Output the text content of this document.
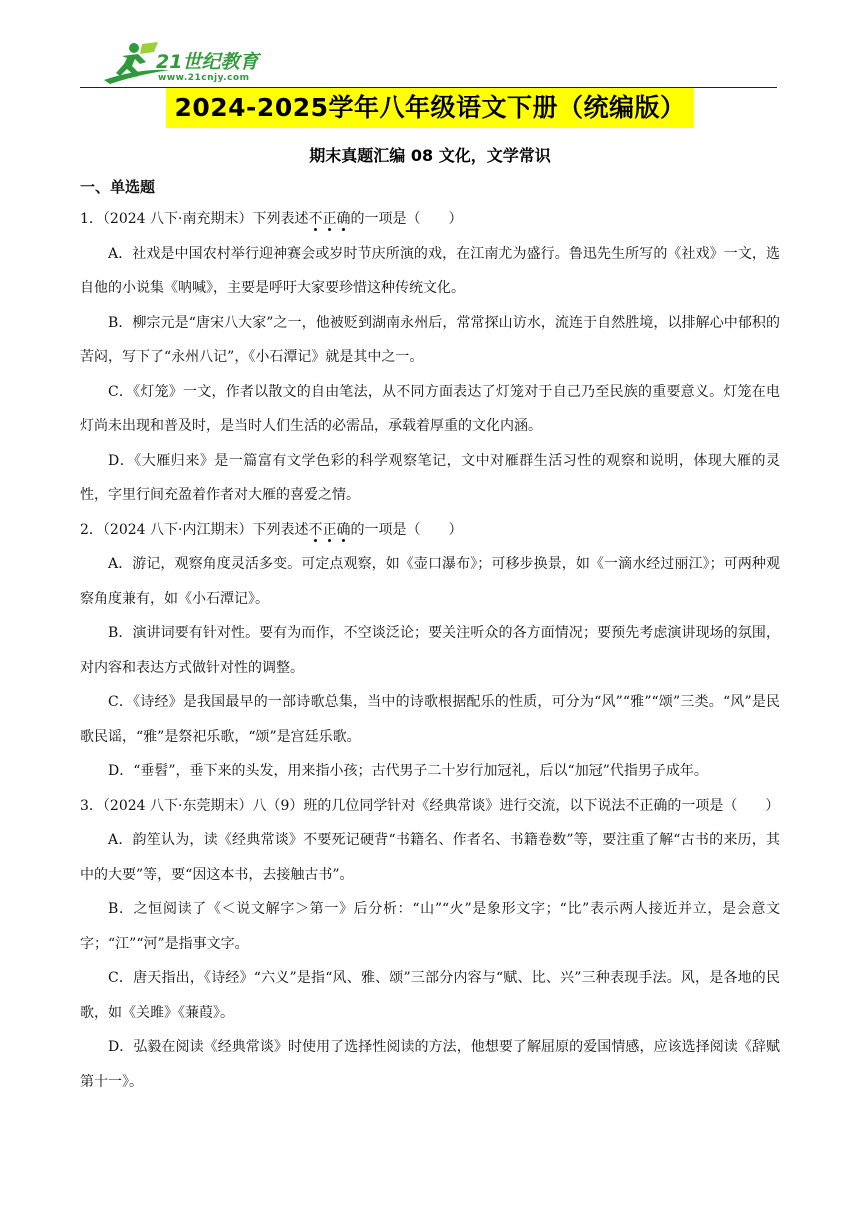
21世纪教育
www.21cnjy.com
2024-2025学年八年级语文下册（统编版）
期末真题汇编 08 文化，文学常识
一、单选题

1．（2024 八下·南充期末）下列表述不正确的一项是（　　）

A．社戏是中国农村举行迎神赛会或岁时节庆所演的戏，在江南尤为盛行。鲁迅先生所写的《社戏》一文，选自他的小说集《呐喊》，主要是呼吁大家要珍惜这种传统文化。

B．柳宗元是“唐宋八大家”之一，他被贬到湖南永州后，常常探山访水，流连于自然胜境，以排解心中郁积的苦闷，写下了“永州八记”，《小石潭记》就是其中之一。

C．《灯笼》一文，作者以散文的自由笔法，从不同方面表达了灯笼对于自己乃至民族的重要意义。灯笼在电灯尚未出现和普及时，是当时人们生活的必需品，承载着厚重的文化内涵。

D．《大雁归来》是一篇富有文学色彩的科学观察笔记，文中对雁群生活习性的观察和说明，体现大雁的灵性，字里行间充盈着作者对大雁的喜爱之情。

2．（2024 八下·内江期末）下列表述不正确的一项是（　　）

A．游记，观察角度灵活多变。可定点观察，如《壶口瀑布》；可移步换景，如《一滴水经过丽江》；可两种观察角度兼有，如《小石潭记》。

B．演讲词要有针对性。要有为而作，不空谈泛论；要关注听众的各方面情况；要预先考虑演讲现场的氛围，对内容和表达方式做针对性的调整。

C．《诗经》是我国最早的一部诗歌总集，当中的诗歌根据配乐的性质，可分为“风”“雅”“颂”三类。“风”是民歌民谣，“雅”是祭祀乐歌，“颂”是宫廷乐歌。

D．“垂髫”，垂下来的头发，用来指小孩；古代男子二十岁行加冠礼，后以“加冠”代指男子成年。

3．（2024 八下·东莞期末）八（9）班的几位同学针对《经典常谈》进行交流，以下说法不正确的一项是（　　）

A．韵笙认为，读《经典常谈》不要死记硬背“书籍名、作者名、书籍卷数”等，要注重了解“古书的来历，其中的大要”等，要“因这本书，去接触古书”。

B．之恒阅读了《＜说文解字＞第一》后分析：“山”“火”是象形文字；“比”表示两人接近并立，是会意文字；“江”“河”是指事文字。

C．唐天指出，《诗经》“六义”是指“风、雅、颂”三部分内容与“赋、比、兴”三种表现手法。风，是各地的民歌，如《关雎》《蒹葭》。

D．弘毅在阅读《经典常谈》时使用了选择性阅读的方法，他想要了解屈原的爱国情感，应该选择阅读《辞赋第十一》。
